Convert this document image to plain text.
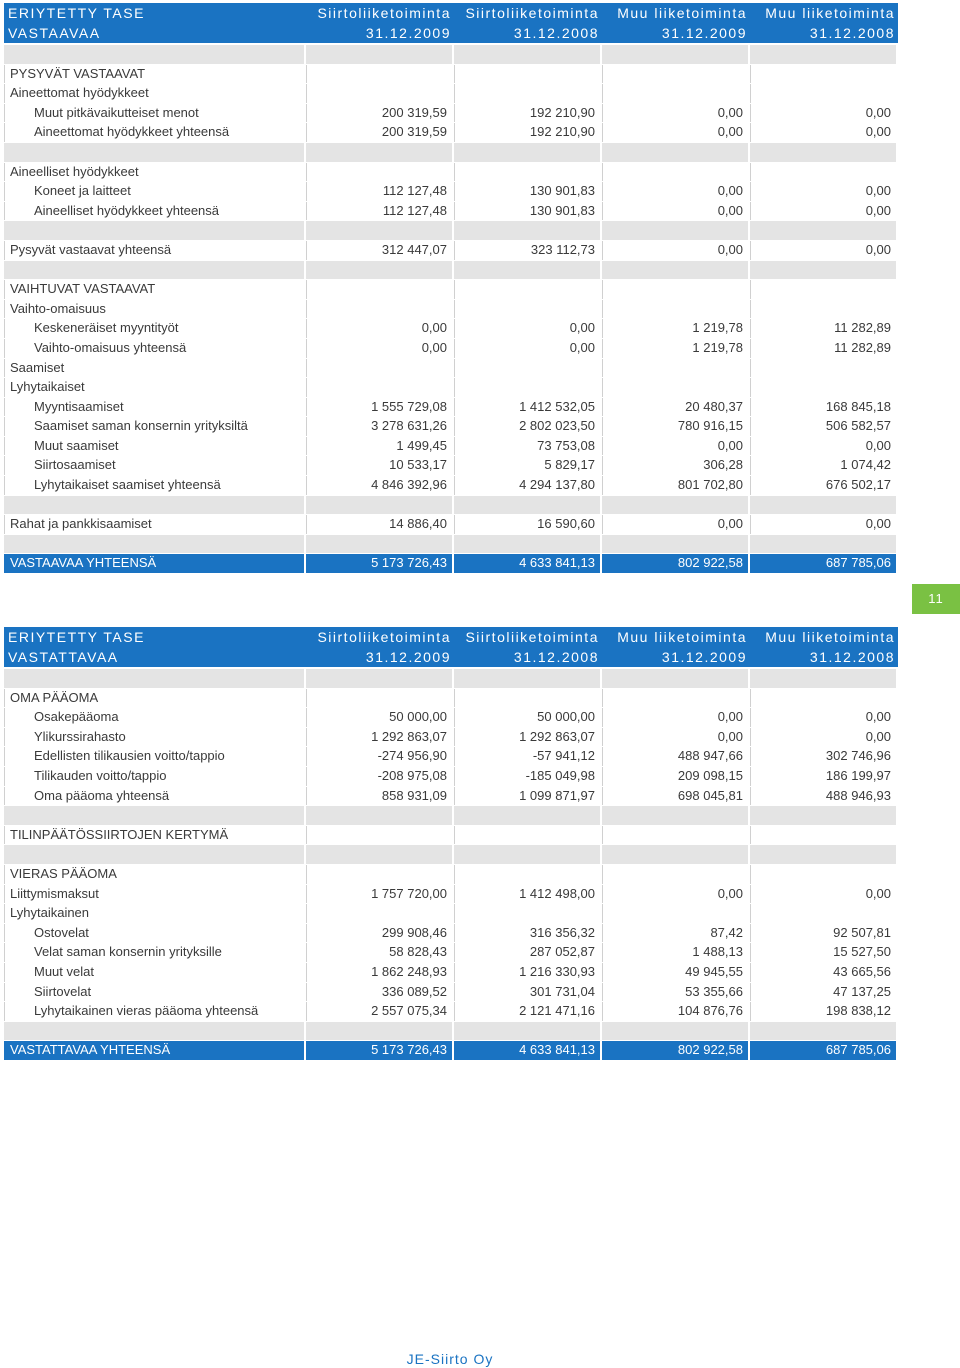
ERIYTETTY TASE	Siirtoliiketoiminta	Siirtoliiketoiminta	Muu liiketoiminta	Muu liiketoiminta
VASTAAVAA	31.12.2009	31.12.2008	31.12.2009	31.12.2008
PYSYVÄT VASTAAVAT
Aineettomat hyödykkeet
Muut pitkävaikutteiset menot	200 319,59	192 210,90	0,00	0,00
Aineettomat hyödykkeet yhteensä	200 319,59	192 210,90	0,00	0,00
Aineelliset hyödykkeet
Koneet ja laitteet	112 127,48	130 901,83	0,00	0,00
Aineelliset hyödykkeet yhteensä	112 127,48	130 901,83	0,00	0,00
Pysyvät vastaavat yhteensä	312 447,07	323 112,73	0,00	0,00
VAIHTUVAT VASTAAVAT
Vaihto-omaisuus
Keskeneräiset myyntityöt	0,00	0,00	1 219,78	11 282,89
Vaihto-omaisuus yhteensä	0,00	0,00	1 219,78	11 282,89
Saamiset
Lyhytaikaiset
Myyntisaamiset	1 555 729,08	1 412 532,05	20 480,37	168 845,18
Saamiset saman konsernin yrityksiltä	3 278 631,26	2 802 023,50	780 916,15	506 582,57
Muut saamiset	1 499,45	73 753,08	0,00	0,00
Siirtosaamiset	10 533,17	5 829,17	306,28	1 074,42
Lyhytaikaiset saamiset yhteensä	4 846 392,96	4 294 137,80	801 702,80	676 502,17
Rahat ja pankkisaamiset	14 886,40	16 590,60	0,00	0,00
VASTAAVAA YHTEENSÄ	5 173 726,43	4 633 841,13	802 922,58	687 785,06
11
ERIYTETTY TASE	Siirtoliiketoiminta	Siirtoliiketoiminta	Muu liiketoiminta	Muu liiketoiminta
VASTATTAVAA	31.12.2009	31.12.2008	31.12.2009	31.12.2008
OMA PÄÄOMA
Osakepääoma	50 000,00	50 000,00	0,00	0,00
Ylikurssirahasto	1 292 863,07	1 292 863,07	0,00	0,00
Edellisten tilikausien voitto/tappio	-274 956,90	-57 941,12	488 947,66	302 746,96
Tilikauden voitto/tappio	-208 975,08	-185 049,98	209 098,15	186 199,97
Oma pääoma yhteensä	858 931,09	1 099 871,97	698 045,81	488 946,93
TILINPÄÄTÖSSIIRTOJEN KERTYMÄ
VIERAS PÄÄOMA
Liittymismaksut	1 757 720,00	1 412 498,00	0,00	0,00
Lyhytaikainen
Ostovelat	299 908,46	316 356,32	87,42	92 507,81
Velat saman konsernin yrityksille	58 828,43	287 052,87	1 488,13	15 527,50
Muut velat	1 862 248,93	1 216 330,93	49 945,55	43 665,56
Siirtovelat	336 089,52	301 731,04	53 355,66	47 137,25
Lyhytaikainen vieras pääoma yhteensä	2 557 075,34	2 121 471,16	104 876,76	198 838,12
VASTATTAVAA YHTEENSÄ	5 173 726,43	4 633 841,13	802 922,58	687 785,06
JE-Siirto Oy
